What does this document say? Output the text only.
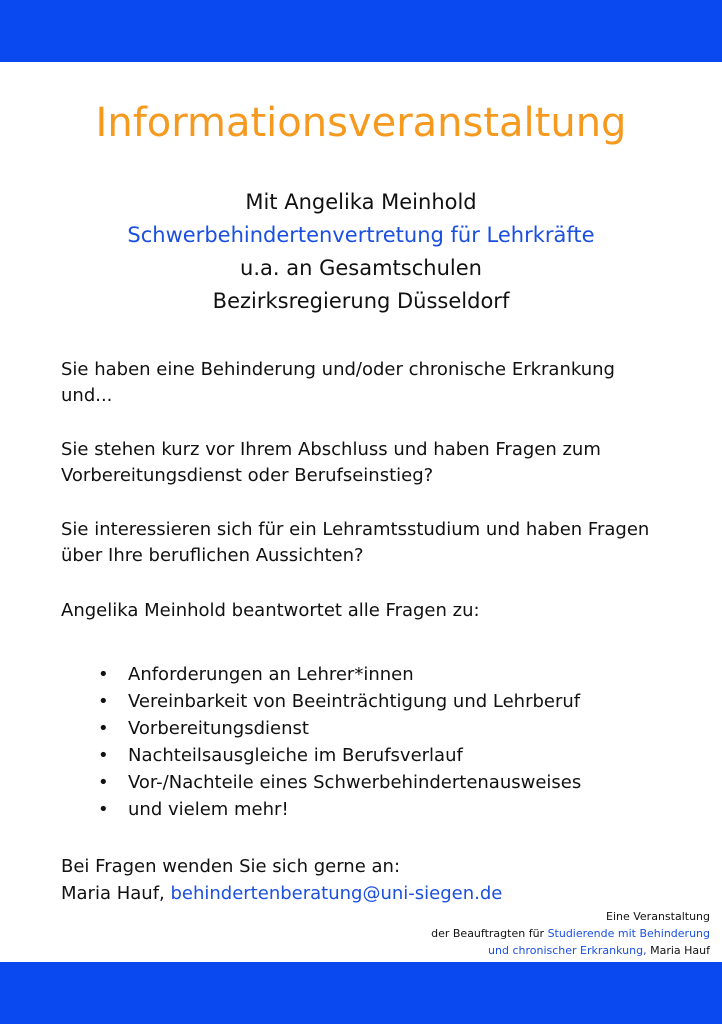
Informationsveranstaltung
Mit Angelika Meinhold
Schwerbehindertenvertretung für Lehrkräfte
u.a. an Gesamtschulen
Bezirksregierung Düsseldorf
Sie haben eine Behinderung und/oder chronische Erkrankung und...
Sie stehen kurz vor Ihrem Abschluss und haben Fragen zum Vorbereitungsdienst oder Berufseinstieg?
Sie interessieren sich für ein Lehramtsstudium und haben Fragen über Ihre beruflichen Aussichten?
Angelika Meinhold beantwortet alle Fragen zu:
• Anforderungen an Lehrer*innen
• Vereinbarkeit von Beeinträchtigung und Lehrberuf
• Vorbereitungsdienst
• Nachteilsausgleiche im Berufsverlauf
• Vor-/Nachteile eines Schwerbehindertenausweises
• und vielem mehr!
Bei Fragen wenden Sie sich gerne an:
Maria Hauf, behindertenberatung@uni-siegen.de
Eine Veranstaltung
der Beauftragten für Studierende mit Behinderung
und chronischer Erkrankung, Maria Hauf
